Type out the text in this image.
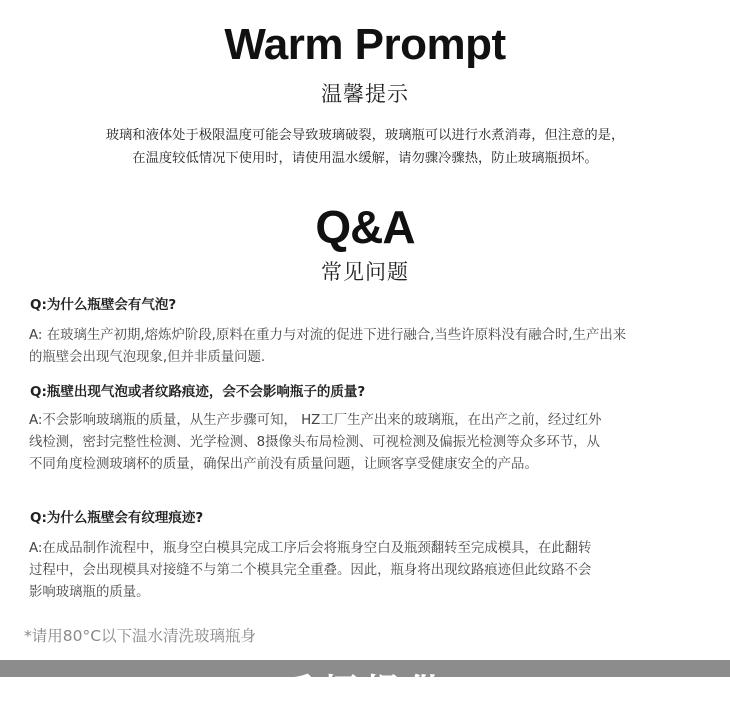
Warm Prompt
温馨提示
玻璃和液体处于极限温度可能会导致玻璃破裂，玻璃瓶可以进行水煮消毒，但注意的是，
在温度较低情况下使用时，请使用温水缓解，请勿骤冷骤热，防止玻璃瓶损坏。
Q&A
常见问题
Q:为什么瓶壁会有气泡?
A: 在玻璃生产初期,熔炼炉阶段,原料在重力与对流的促进下进行融合,当些许原料没有融合时,生产出来
的瓶壁会出现气泡现象,但并非质量问题.
Q:瓶壁出现气泡或者纹路痕迹，会不会影响瓶子的质量?
A:不会影响玻璃瓶的质量，从生产步骤可知， HZ工厂生产出来的玻璃瓶，在出产之前，经过红外
线检测，密封完整性检测、光学检测、8摄像头布局检测、可视检测及偏振光检测等众多环节，从
不同角度检测玻璃杯的质量，确保出产前没有质量问题，让顾客享受健康安全的产品。
Q:为什么瓶壁会有纹理痕迹?
A:在成品制作流程中，瓶身空白模具完成工序后会将瓶身空白及瓶颈翻转至完成模具，在此翻转
过程中，会出现模具对接缝不与第二个模具完全重叠。因此，瓶身将出现纹路痕迹但此纹路不会
影响玻璃瓶的质量。
*请用80°C以下温水清洗玻璃瓶身
手柄提供
